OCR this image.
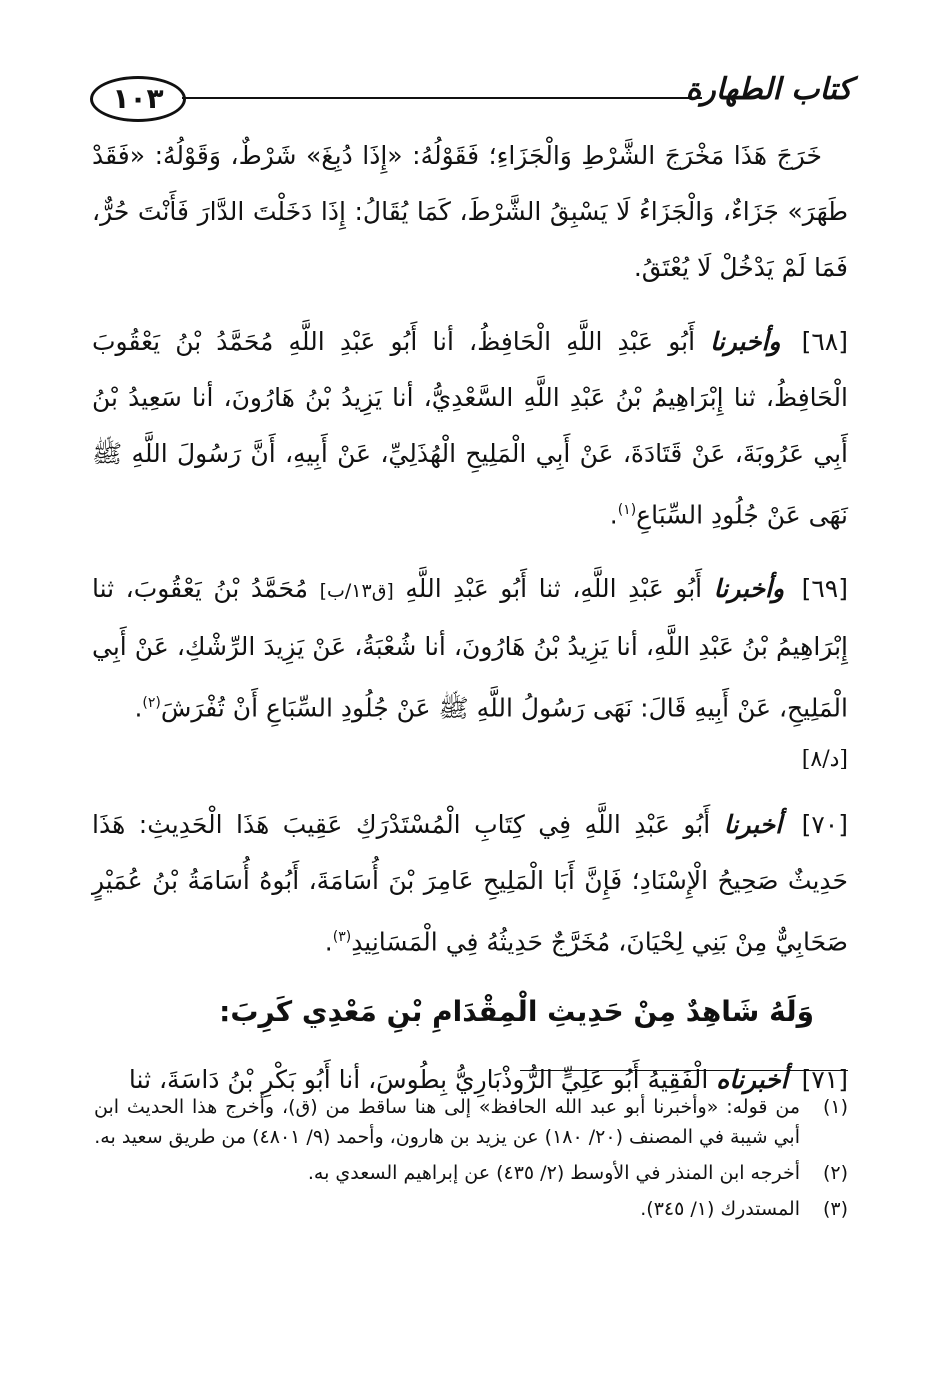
كتاب الطهارة
١٠٣

خَرَجَ هَذَا مَخْرَجَ الشَّرْطِ وَالْجَزَاءِ؛ فَقَوْلُهُ: «إِذَا دُبِغَ» شَرْطٌ، وَقَوْلُهُ: «فَقَدْ طَهَرَ» جَزَاءٌ، وَالْجَزَاءُ لَا يَسْبِقُ الشَّرْطَ، كَمَا يُقَالُ: إِذَا دَخَلْتَ الدَّارَ فَأَنْتَ حُرٌّ، فَمَا لَمْ يَدْخُلْ لَا يُعْتَقُ.

[٦٨] وأخبرنا أَبُو عَبْدِ اللَّهِ الْحَافِظُ، أنا أَبُو عَبْدِ اللَّهِ مُحَمَّدُ بْنُ يَعْقُوبَ الْحَافِظُ، ثنا إِبْرَاهِيمُ بْنُ عَبْدِ اللَّهِ السَّعْدِيُّ، أنا يَزِيدُ بْنُ هَارُونَ، أنا سَعِيدُ بْنُ أَبِي عَرُوبَةَ، عَنْ قَتَادَةَ، عَنْ أَبِي الْمَلِيحِ الْهُذَلِيِّ، عَنْ أَبِيهِ، أَنَّ رَسُولَ اللَّهِ ﷺ نَهَى عَنْ جُلُودِ السِّبَاعِ$^{(١)}$.

[٦٩] وأخبرنا أَبُو عَبْدِ اللَّهِ، ثنا أَبُو عَبْدِ اللَّهِ [ق١٣/ب] مُحَمَّدُ بْنُ يَعْقُوبَ، ثنا إِبْرَاهِيمُ بْنُ عَبْدِ اللَّهِ، أنا يَزِيدُ بْنُ هَارُونَ، أنا شُعْبَةُ، عَنْ يَزِيدَ الرِّشْكِ، عَنْ أَبِي الْمَلِيحِ، عَنْ أَبِيهِ قَالَ: نَهَى رَسُولُ اللَّهِ ﷺ عَنْ جُلُودِ السِّبَاعِ أَنْ تُفْرَشَ$^{(٢)}$.

[د/٨]

[٧٠] أخبرنا أَبُو عَبْدِ اللَّهِ فِي كِتَابِ الْمُسْتَدْرَكِ عَقِيبَ هَذَا الْحَدِيثِ: هَذَا حَدِيثٌ صَحِيحُ الْإِسْنَادِ؛ فَإِنَّ أَبَا الْمَلِيحِ عَامِرَ بْنَ أُسَامَةَ، أَبُوهُ أُسَامَةُ بْنُ عُمَيْرٍ صَحَابِيٌّ مِنْ بَنِي لِحْيَانَ، مُخَرَّجٌ حَدِيثُهُ فِي الْمَسَانِيدِ$^{(٣)}$.

وَلَهُ شَاهِدٌ مِنْ حَدِيثِ الْمِقْدَامِ بْنِ مَعْدِي كَرِبَ:

[٧١] أخبرناه الْفَقِيهُ أَبُو عَلِيٍّ الرُّوذْبَارِيُّ بِطُوسَ، أنا أَبُو بَكْرِ بْنُ دَاسَةَ، ثنا

(١)
من قوله: «وأخبرنا أبو عبد الله الحافظ» إلى هنا ساقط من (ق)، وأخرج هذا الحديث ابن أبي شيبة في المصنف (٢٠/ ١٨٠) عن يزيد بن هارون، وأحمد (٩/ ٤٨٠١) من طريق سعيد به.

(٢)
أخرجه ابن المنذر في الأوسط (٢/ ٤٣٥) عن إبراهيم السعدي به.

(٣)
المستدرك (١/ ٣٤٥).
